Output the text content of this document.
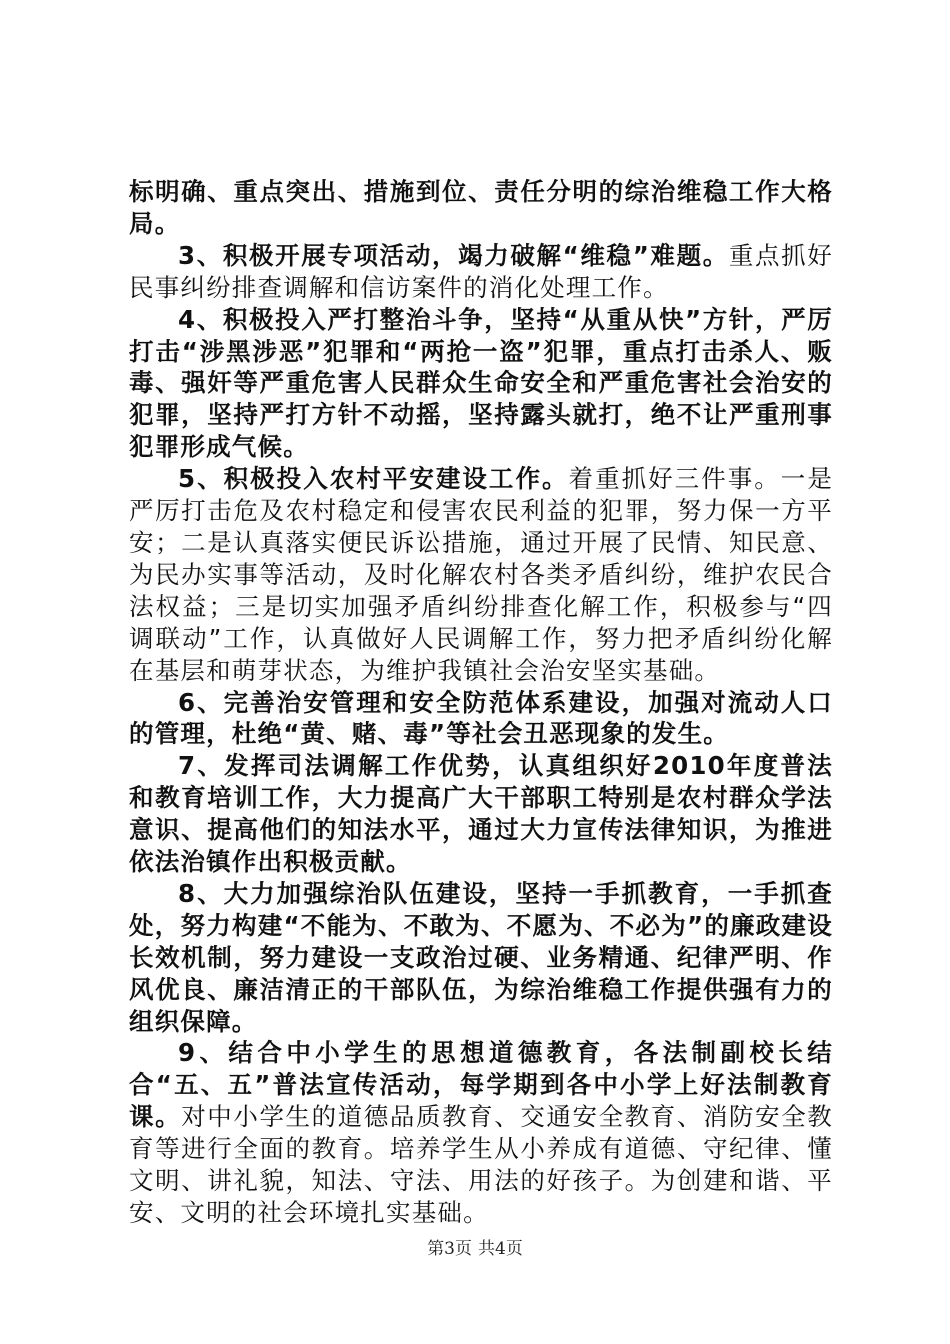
标明确、重点突出、措施到位、责任分明的综治维稳工作大格局。

3、积极开展专项活动，竭力破解“维稳”难题。重点抓好民事纠纷排查调解和信访案件的消化处理工作。

4、积极投入严打整治斗争，坚持“从重从快”方针，严厉打击“涉黑涉恶”犯罪和“两抢一盗”犯罪，重点打击杀人、贩毒、强奸等严重危害人民群众生命安全和严重危害社会治安的犯罪，坚持严打方针不动摇，坚持露头就打，绝不让严重刑事犯罪形成气候。

5、积极投入农村平安建设工作。着重抓好三件事。一是严厉打击危及农村稳定和侵害农民利益的犯罪，努力保一方平安；二是认真落实便民诉讼措施，通过开展了民情、知民意、为民办实事等活动，及时化解农村各类矛盾纠纷，维护农民合法权益；三是切实加强矛盾纠纷排查化解工作，积极参与“四调联动”工作，认真做好人民调解工作，努力把矛盾纠纷化解在基层和萌芽状态，为维护我镇社会治安坚实基础。

6、完善治安管理和安全防范体系建设，加强对流动人口的管理，杜绝“黄、赌、毒”等社会丑恶现象的发生。

7、发挥司法调解工作优势，认真组织好2010年度普法和教育培训工作，大力提高广大干部职工特别是农村群众学法意识、提高他们的知法水平，通过大力宣传法律知识，为推进依法治镇作出积极贡献。

8、大力加强综治队伍建设，坚持一手抓教育，一手抓查处，努力构建“不能为、不敢为、不愿为、不必为”的廉政建设长效机制，努力建设一支政治过硬、业务精通、纪律严明、作风优良、廉洁清正的干部队伍，为综治维稳工作提供强有力的组织保障。

9、结合中小学生的思想道德教育，各法制副校长结合“五、五”普法宣传活动，每学期到各中小学上好法制教育课。对中小学生的道德品质教育、交通安全教育、消防安全教育等进行全面的教育。培养学生从小养成有道德、守纪律、懂文明、讲礼貌，知法、守法、用法的好孩子。为创建和谐、平安、文明的社会环境扎实基础。

第3页 共4页
